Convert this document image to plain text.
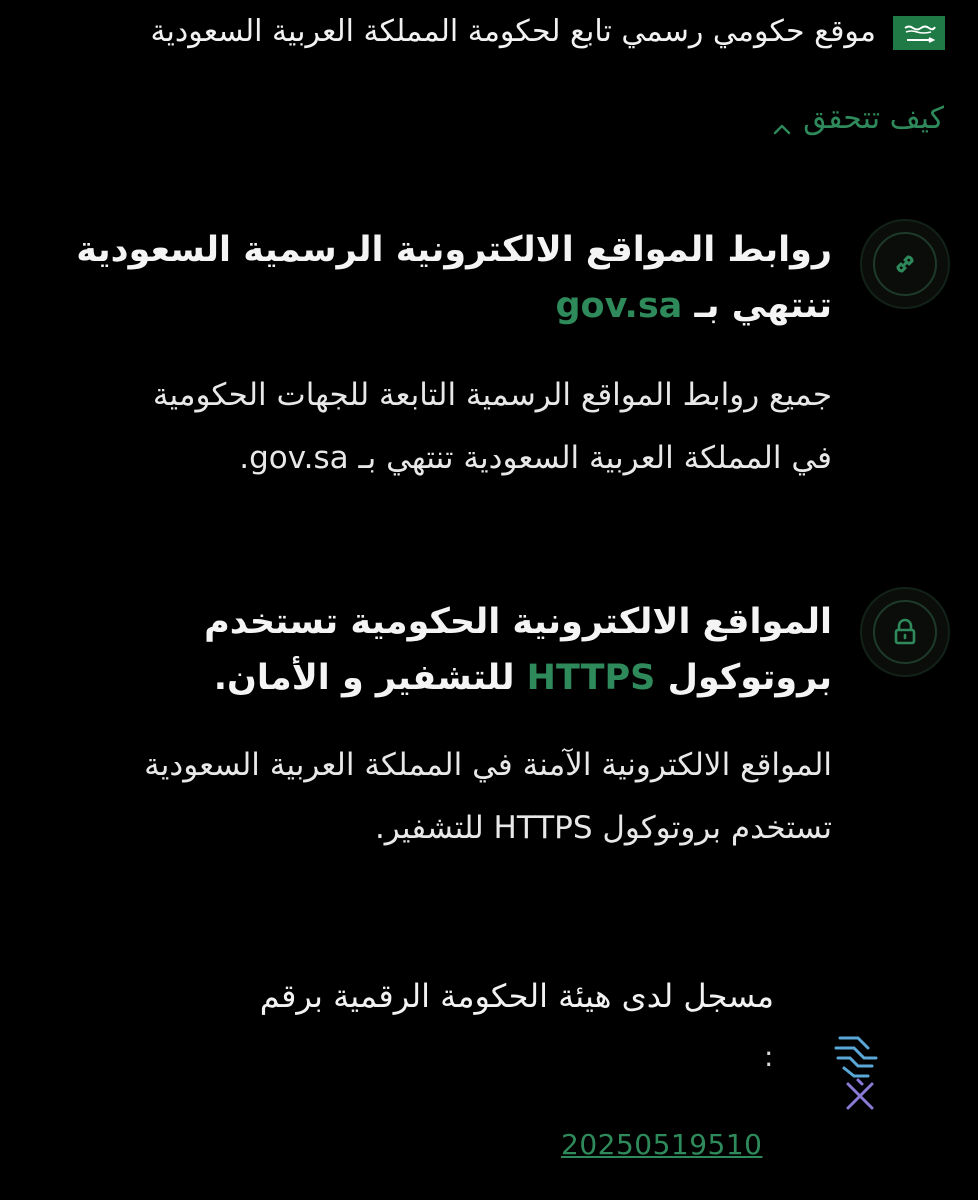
موقع حكومي رسمي تابع لحكومة المملكة العربية السعودية
كيف تتحقق
روابط المواقع الالكترونية الرسمية السعودية تنتهي بـ gov.sa
جميع روابط المواقع الرسمية التابعة للجهات الحكومية في المملكة العربية السعودية تنتهي بـ gov.sa.
المواقع الالكترونية الحكومية تستخدم بروتوكول HTTPS للتشفير و الأمان.
المواقع الالكترونية الآمنة في المملكة العربية السعودية تستخدم بروتوكول HTTPS للتشفير.
مسجل لدى هيئة الحكومة الرقمية برقم
:
20250519510
